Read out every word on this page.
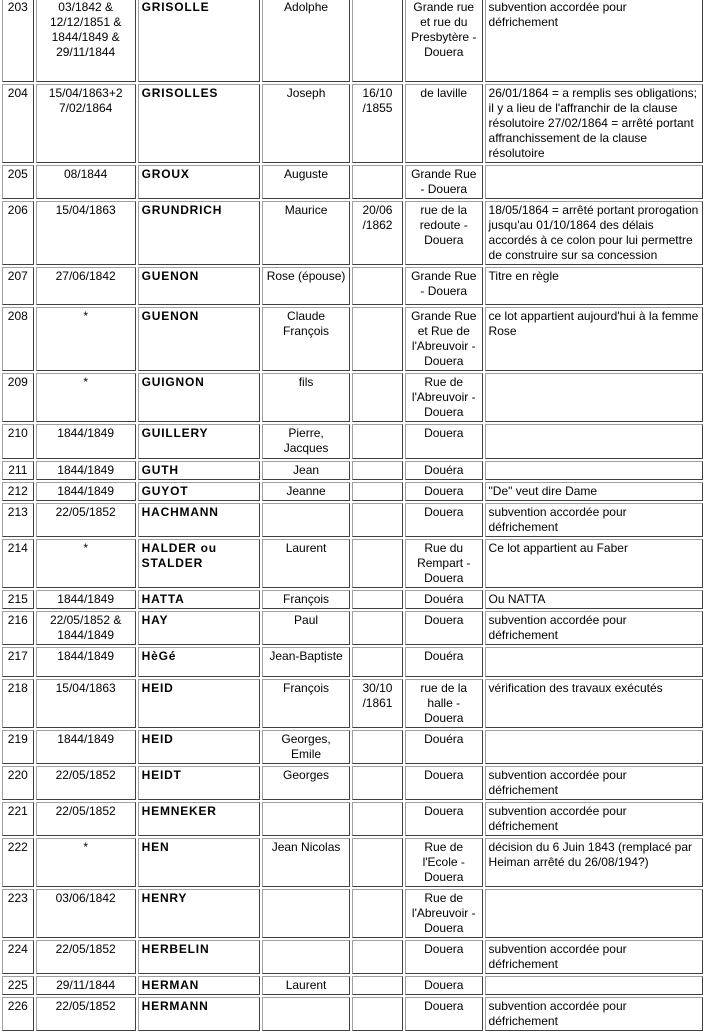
203	03/1842 & 12/12/1851 & 1844/1849 & 29/11/1844	GRISOLLE	Adolphe		Grande rue et rue du Presbytère - Douera	subvention accordée pour défrichement
204	15/04/1863+2 7/02/1864	GRISOLLES	Joseph	16/10 /1855	de laville	26/01/1864 = a remplis ses obligations; il y a lieu de l'affranchir de la clause résolutoire 27/02/1864 = arrêté portant affranchissement de la clause résolutoire
205	08/1844	GROUX	Auguste		Grande Rue - Douera	
206	15/04/1863	GRUNDRICH	Maurice	20/06 /1862	rue de la redoute - Douera	18/05/1864 = arrêté portant prorogation jusqu'au 01/10/1864 des délais accordés à ce colon pour lui permettre de construire sur sa concession
207	27/06/1842	GUENON	Rose (épouse)		Grande Rue - Douera	Titre en règle
208	*	GUENON	Claude François		Grande Rue et Rue de l'Abreuvoir - Douera	ce lot appartient aujourd'hui à la femme Rose
209	*	GUIGNON	fils		Rue de l'Abreuvoir - Douera	
210	1844/1849	GUILLERY	Pierre, Jacques		Douera	
211	1844/1849	GUTH	Jean		Douéra	
212	1844/1849	GUYOT	Jeanne		Douera	"De" veut dire Dame
213	22/05/1852	HACHMANN			Douera	subvention accordée pour défrichement
214	*	HALDER ou STALDER	Laurent		Rue du Rempart - Douera	Ce lot appartient au Faber
215	1844/1849	HATTA	François		Douéra	Ou NATTA
216	22/05/1852 & 1844/1849	HAY	Paul		Douera	subvention accordée pour défrichement
217	1844/1849	HèGé	Jean-Baptiste		Douéra	
218	15/04/1863	HEID	François	30/10 /1861	rue de la halle - Douera	vérification des travaux exécutés
219	1844/1849	HEID	Georges, Emile		Douéra	
220	22/05/1852	HEIDT	Georges		Douera	subvention accordée pour défrichement
221	22/05/1852	HEMNEKER			Douera	subvention accordée pour défrichement
222	*	HEN	Jean Nicolas		Rue de l'Ecole - Douera	décision du 6 Juin 1843 (remplacé par Heiman arrêté du 26/08/194?)
223	03/06/1842	HENRY			Rue de l'Abreuvoir - Douera	
224	22/05/1852	HERBELIN			Douera	subvention accordée pour défrichement
225	29/11/1844	HERMAN	Laurent		Douera	
226	22/05/1852	HERMANN			Douera	subvention accordée pour défrichement
